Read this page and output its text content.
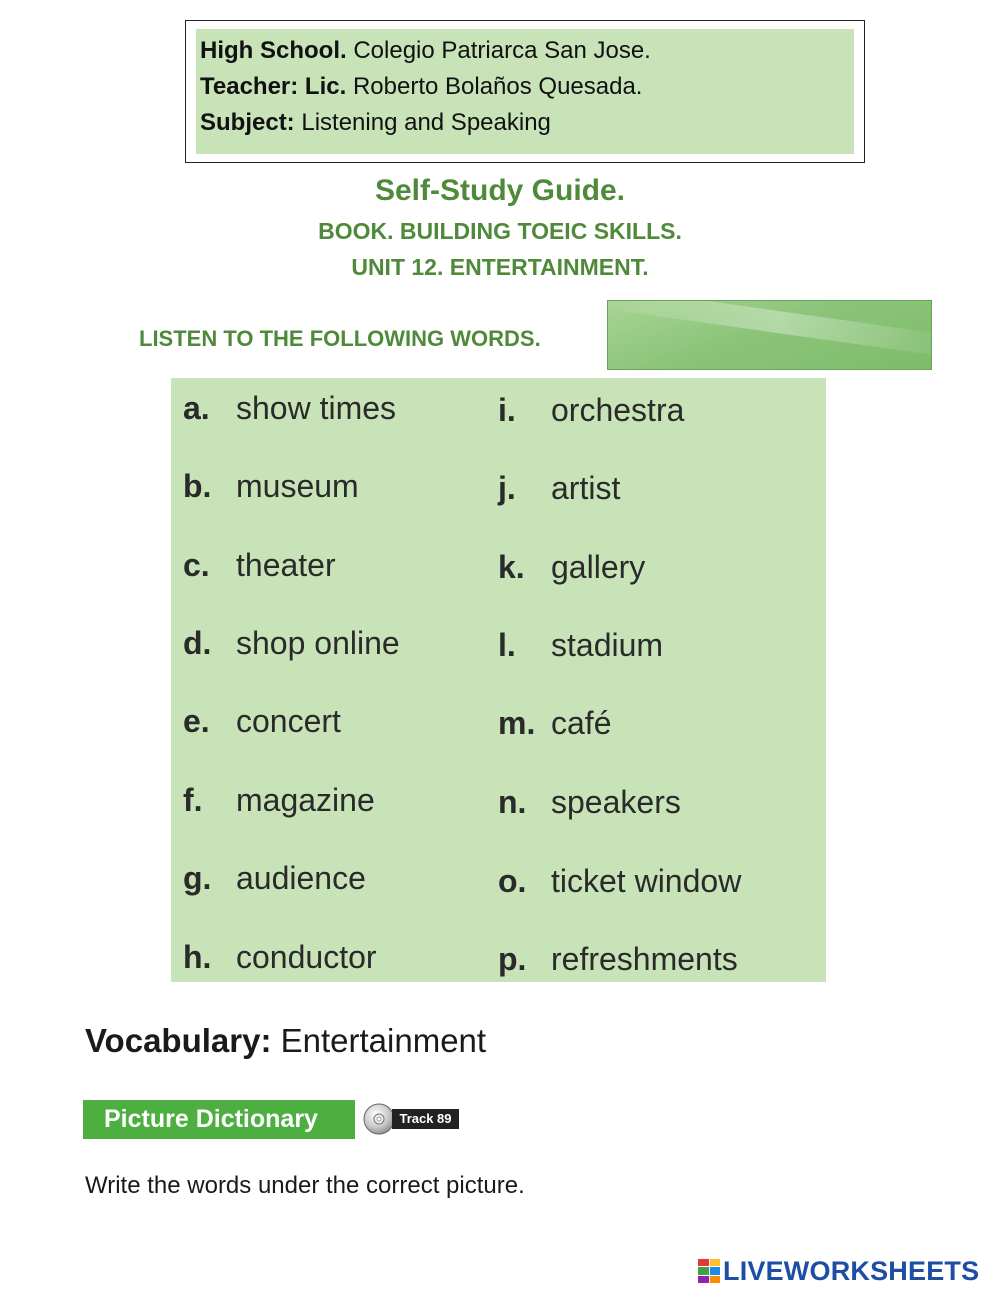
High School. Colegio Patriarca San Jose.
Teacher: Lic. Roberto Bolaños Quesada.
Subject: Listening and Speaking
Self-Study Guide.
BOOK. BUILDING TOEIC SKILLS.
UNIT 12. ENTERTAINMENT.
LISTEN TO THE FOLLOWING WORDS.
a. show times
b. museum
c. theater
d. shop online
e. concert
f. magazine
g. audience
h. conductor
i. orchestra
j. artist
k. gallery
l. stadium
m. café
n. speakers
o. ticket window
p. refreshments
Vocabulary: Entertainment
Picture Dictionary	Track 89
Write the words under the correct picture.
LIVEWORKSHEETS
